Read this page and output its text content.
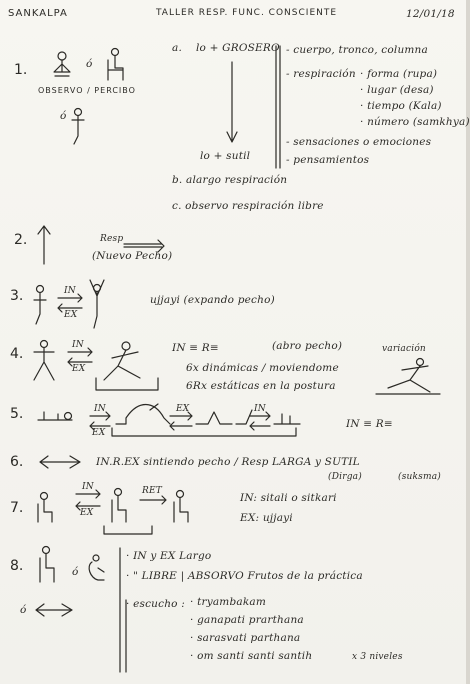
SANKALPA	TALLER RESP. FUNC. CONSCIENTE	12/01/18
1.	ó
OBSERVO / PERCIBO
ó
a. lo + GROSERO - cuerpo, tronco, columna
- respiración · forma (rupa)
· lugar (desa)
· tiempo (Kala)
· número (samkhya)
- sensaciones o emociones
- pensamientos
lo + sutil
b. alargo respiración
c. observo respiración libre
2.	Resp
(Nuevo Pecho)
3.	IN
EX
ujjayi (expando pecho)
4.
IN
EX
IN ≡ R≡	(abro pecho)
6x dinámicas / moviendome
6Rx estáticas en la postura
variación
5.	IN
EX
EX	IN
IN ≡ R≡
6.	IN.R.EX sintiendo pecho / Resp LARGA y SUTIL
(Dirga)	(suksma)
7.
IN
EX
RET
IN: sitali o sitkari
EX: ujjayi
8.	ó
ó
· IN y EX Largo
· " LIBRE | ABSORVO Frutos de la práctica
· escucho : · tryambakam
· ganapati prarthana
· sarasvati parthana
· om santi santi santih	x 3 niveles
